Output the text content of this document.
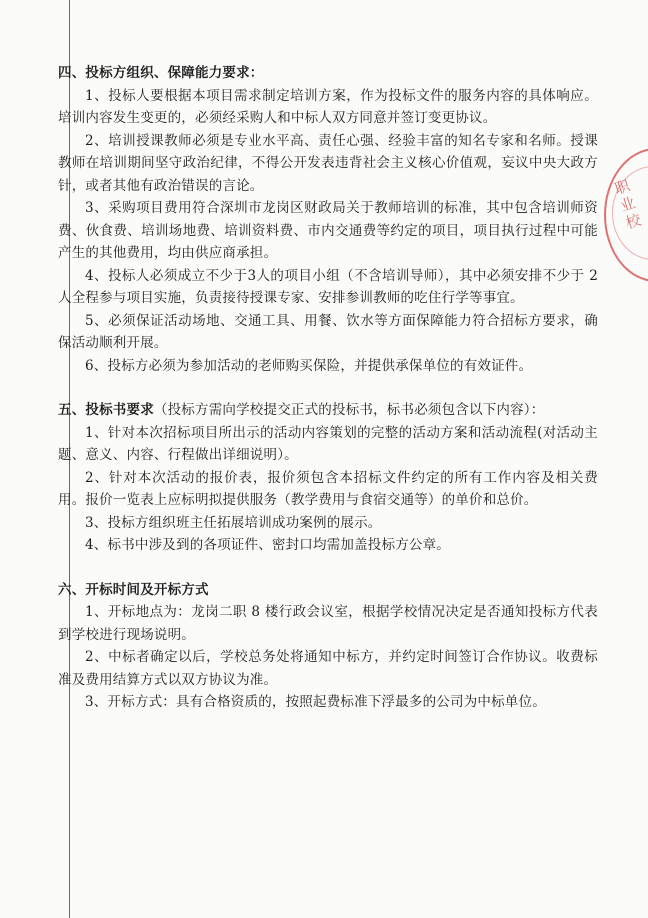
职业校

四、投标方组织、保障能力要求：

1、投标人要根据本项目需求制定培训方案，作为投标文件的服务内容的具体响应。培训内容发生变更的，必须经采购人和中标人双方同意并签订变更协议。

2、培训授课教师必须是专业水平高、责任心强、经验丰富的知名专家和名师。授课教师在培训期间坚守政治纪律，不得公开发表违背社会主义核心价值观，妄议中央大政方针，或者其他有政治错误的言论。

3、采购项目费用符合深圳市龙岗区财政局关于教师培训的标准，其中包含培训师资费、伙食费、培训场地费、培训资料费、市内交通费等约定的项目，项目执行过程中可能产生的其他费用，均由供应商承担。

4、投标人必须成立不少于3人的项目小组（不含培训导师），其中必须安排不少于 2 人全程参与项目实施，负责接待授课专家、安排参训教师的吃住行学等事宜。

5、必须保证活动场地、交通工具、用餐、饮水等方面保障能力符合招标方要求，确保活动顺利开展。

6、投标方必须为参加活动的老师购买保险，并提供承保单位的有效证件。

五、投标书要求（投标方需向学校提交正式的投标书，标书必须包含以下内容）：

1、针对本次招标项目所出示的活动内容策划的完整的活动方案和活动流程(对活动主题、意义、内容、行程做出详细说明）。

2、针对本次活动的报价表，报价须包含本招标文件约定的所有工作内容及相关费用。报价一览表上应标明拟提供服务（教学费用与食宿交通等）的单价和总价。

3、投标方组织班主任拓展培训成功案例的展示。

4、标书中涉及到的各项证件、密封口均需加盖投标方公章。

六、开标时间及开标方式

1、开标地点为：龙岗二职 8 楼行政会议室，根据学校情况决定是否通知投标方代表到学校进行现场说明。

2、中标者确定以后，学校总务处将通知中标方，并约定时间签订合作协议。收费标准及费用结算方式以双方协议为准。

3、开标方式：具有合格资质的，按照起费标准下浮最多的公司为中标单位。
